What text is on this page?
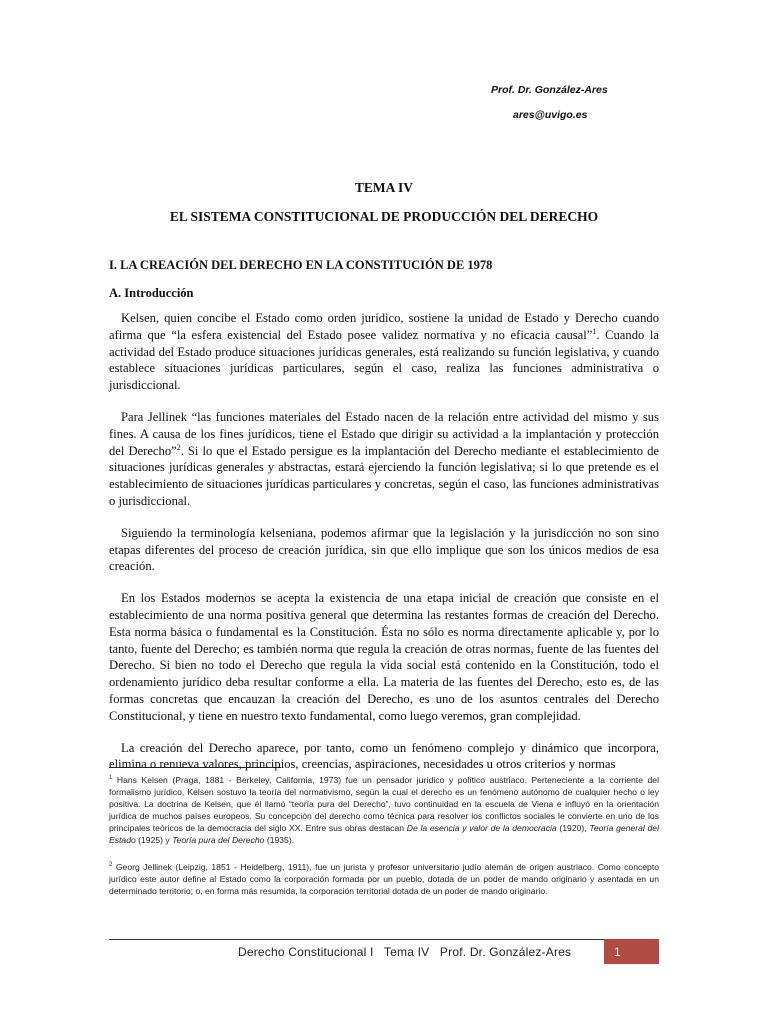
Prof. Dr. González-Ares
ares@uvigo.es
TEMA IV
EL SISTEMA CONSTITUCIONAL DE PRODUCCIÓN DEL DERECHO
I. LA CREACIÓN DEL DERECHO EN LA CONSTITUCIÓN DE 1978
A. Introducción

Kelsen, quien concibe el Estado como orden jurídico, sostiene la unidad de Estado y Derecho cuando afirma que “la esfera existencial del Estado posee validez normativa y no eficacia causal”$^1$. Cuando la actividad del Estado produce situaciones jurídicas generales, está realizando su función legislativa, y cuando establece situaciones jurídicas particulares, según el caso, realiza las funciones administrativa o jurisdiccional.

Para Jellinek “las funciones materiales del Estado nacen de la relación entre actividad del mismo y sus fines. A causa de los fines jurídicos, tiene el Estado que dirigir su actividad a la implantación y protección del Derecho”$^2$. Si lo que el Estado persigue es la implantación del Derecho mediante el establecimiento de situaciones jurídicas generales y abstractas, estará ejerciendo la función legislativa; si lo que pretende es el establecimiento de situaciones jurídicas particulares y concretas, según el caso, las funciones administrativas o jurisdiccional.

Siguiendo la terminología kelseniana, podemos afirmar que la legislación y la jurisdicción no son sino etapas diferentes del proceso de creación jurídica, sin que ello implique que son los únicos medios de esa creación.

En los Estados modernos se acepta la existencia de una etapa inicial de creación que consiste en el establecimiento de una norma positiva general que determina las restantes formas de creación del Derecho. Esta norma básica o fundamental es la Constitución. Ésta no sólo es norma directamente aplicable y, por lo tanto, fuente del Derecho; es también norma que regula la creación de otras normas, fuente de las fuentes del Derecho. Si bien no todo el Derecho que regula la vida social está contenido en la Constitución, todo el ordenamiento jurídico deba resultar conforme a ella. La materia de las fuentes del Derecho, esto es, de las formas concretas que encauzan la creación del Derecho, es uno de los asuntos centrales del Derecho Constitucional, y tiene en nuestro texto fundamental, como luego veremos, gran complejidad.

La creación del Derecho aparece, por tanto, como un fenómeno complejo y dinámico que incorpora, elimina o renueva valores, principios, creencias, aspiraciones, necesidades u otros criterios y normas

$^1$ Hans Kelsen (Praga, 1881 - Berkeley, California, 1973) fue un pensador jurídico y político austriaco. Perteneciente a la corriente del formalismo jurídico, Kelsen sostuvo la teoría del normativismo, según la cual el derecho es un fenómeno autónomo de cualquier hecho o ley positiva. La doctrina de Kelsen, que él llamó “teoría pura del Derecho”, tuvo continuidad en la escuela de Viena e influyó en la orientación jurídica de muchos países europeos. Su concepción del derecho como técnica para resolver los conflictos sociales le convierte en uno de los principales teóricos de la democracia del siglo XX. Entre sus obras destacan De la esencia y valor de la democracia (1920), Teoría general del Estado (1925) y Teoría pura del Derecho (1935).

$^2$ Georg Jellinek (Leipzig, 1851 - Heidelberg, 1911), fue un jurista y profesor universitario judío alemán de origen austriaco. Como concepto jurídico este autor define al Estado como la corporación formada por un pueblo, dotada de un poder de mando originario y asentada en un determinado territorio; o, en forma más resumida, la corporación territorial dotada de un poder de mando originario.

Derecho Constitucional I   Tema IV   Prof. Dr. González-Ares	1
